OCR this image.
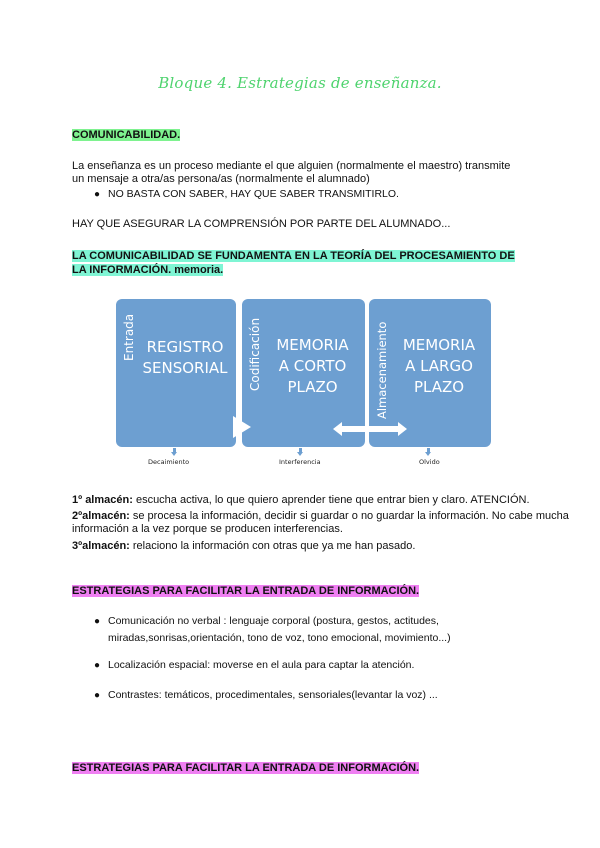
Bloque 4. Estrategias de enseñanza.
COMUNICABILIDAD.
La enseñanza es un proceso mediante el que alguien (normalmente el maestro) transmite
un mensaje a otra/as persona/as (normalmente el alumnado)
● NO BASTA CON SABER, HAY QUE SABER TRANSMITIRLO.
HAY QUE ASEGURAR LA COMPRENSIÓN POR PARTE DEL ALUMNADO...
LA COMUNICABILIDAD SE FUNDAMENTA EN LA TEORÍA DEL PROCESAMIENTO DE
LA INFORMACIÓN. memoria.
Entrada REGISTRO
SENSORIAL	Codificación MEMORIA
A CORTO
PLAZO	Almacenamiento MEMORIA
A LARGO
PLAZO
Decaimiento	Interferencia	Olvido
1º almacén: escucha activa, lo que quiero aprender tiene que entrar bien y claro. ATENCIÓN.
2ºalmacén: se procesa la información, decidir si guardar o no guardar la información. No cabe mucha
información a la vez porque se producen interferencias.
3ºalmacén: relaciono la información con otras que ya me han pasado.
ESTRATEGIAS PARA FACILITAR LA ENTRADA DE INFORMACIÓN.
● Comunicación no verbal : lenguaje corporal (postura, gestos, actitudes,
miradas,sonrisas,orientación, tono de voz, tono emocional, movimiento...)
● Localización espacial: moverse en el aula para captar la atención.
● Contrastes: temáticos, procedimentales, sensoriales(levantar la voz) ...
ESTRATEGIAS PARA FACILITAR LA ENTRADA DE INFORMACIÓN.
